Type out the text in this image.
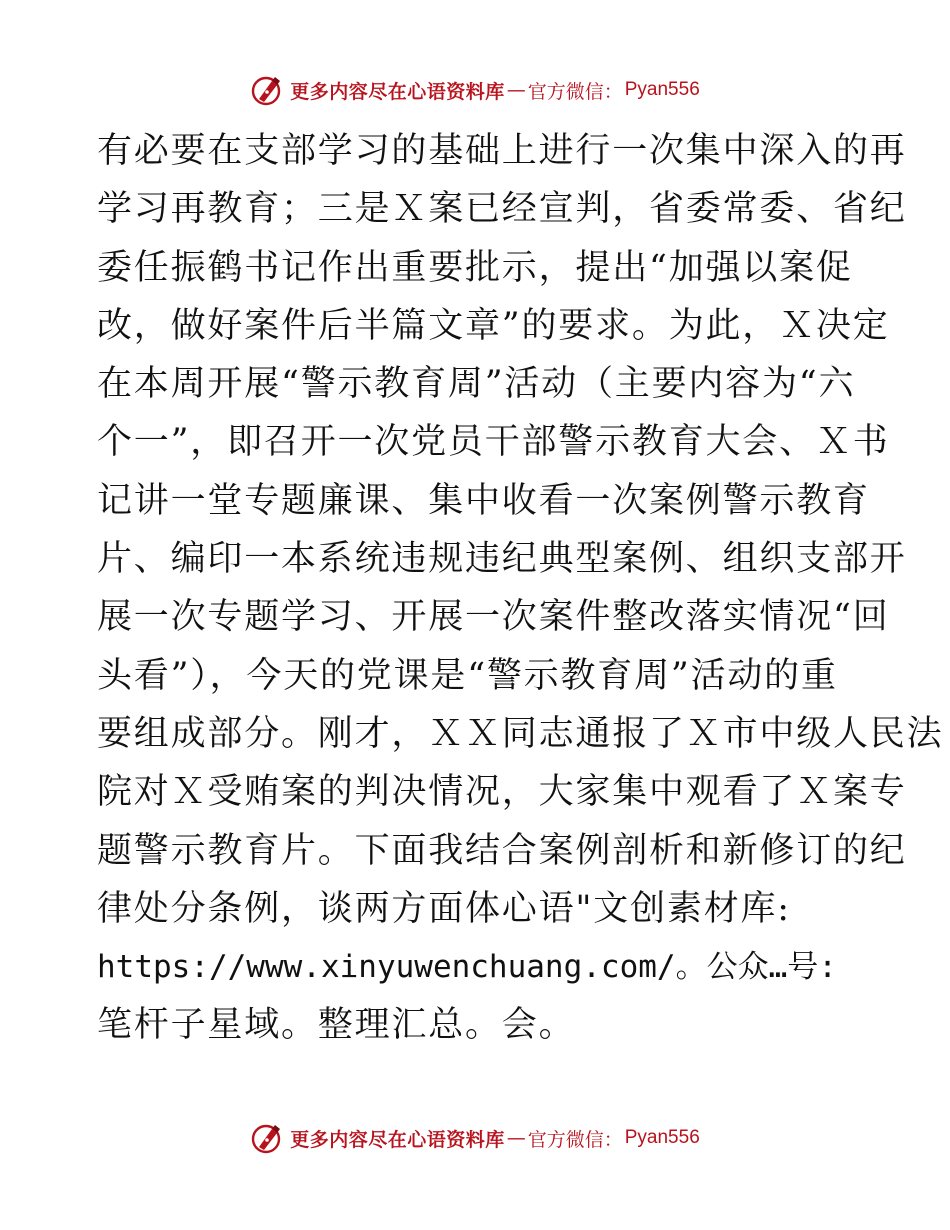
更多内容尽在心语资料库 — 官方微信： Pyan556
有必要在支部学习的基础上进行一次集中深入的再
学习再教育；三是Ｘ案已经宣判，省委常委、省纪
委任振鹤书记作出重要批示，提出“加强以案促
改，做好案件后半篇文章”的要求。为此，Ｘ决定
在本周开展“警示教育周”活动（主要内容为“六
个一”，即召开一次党员干部警示教育大会、Ｘ书
记讲一堂专题廉课、集中收看一次案例警示教育
片、编印一本系统违规违纪典型案例、组织支部开
展一次专题学习、开展一次案件整改落实情况“回
头看”），今天的党课是“警示教育周”活动的重
要组成部分。刚才，ＸＸ同志通报了Ｘ市中级人民法
院对Ｘ受贿案的判决情况，大家集中观看了Ｘ案专
题警示教育片。下面我结合案例剖析和新修订的纪
律处分条例，谈两方面体心语"文创素材库:
https://www.xinyuwenchuang.com/。公众…号:
笔杆子星域。整理汇总。会。
更多内容尽在心语资料库 — 官方微信： Pyan556
